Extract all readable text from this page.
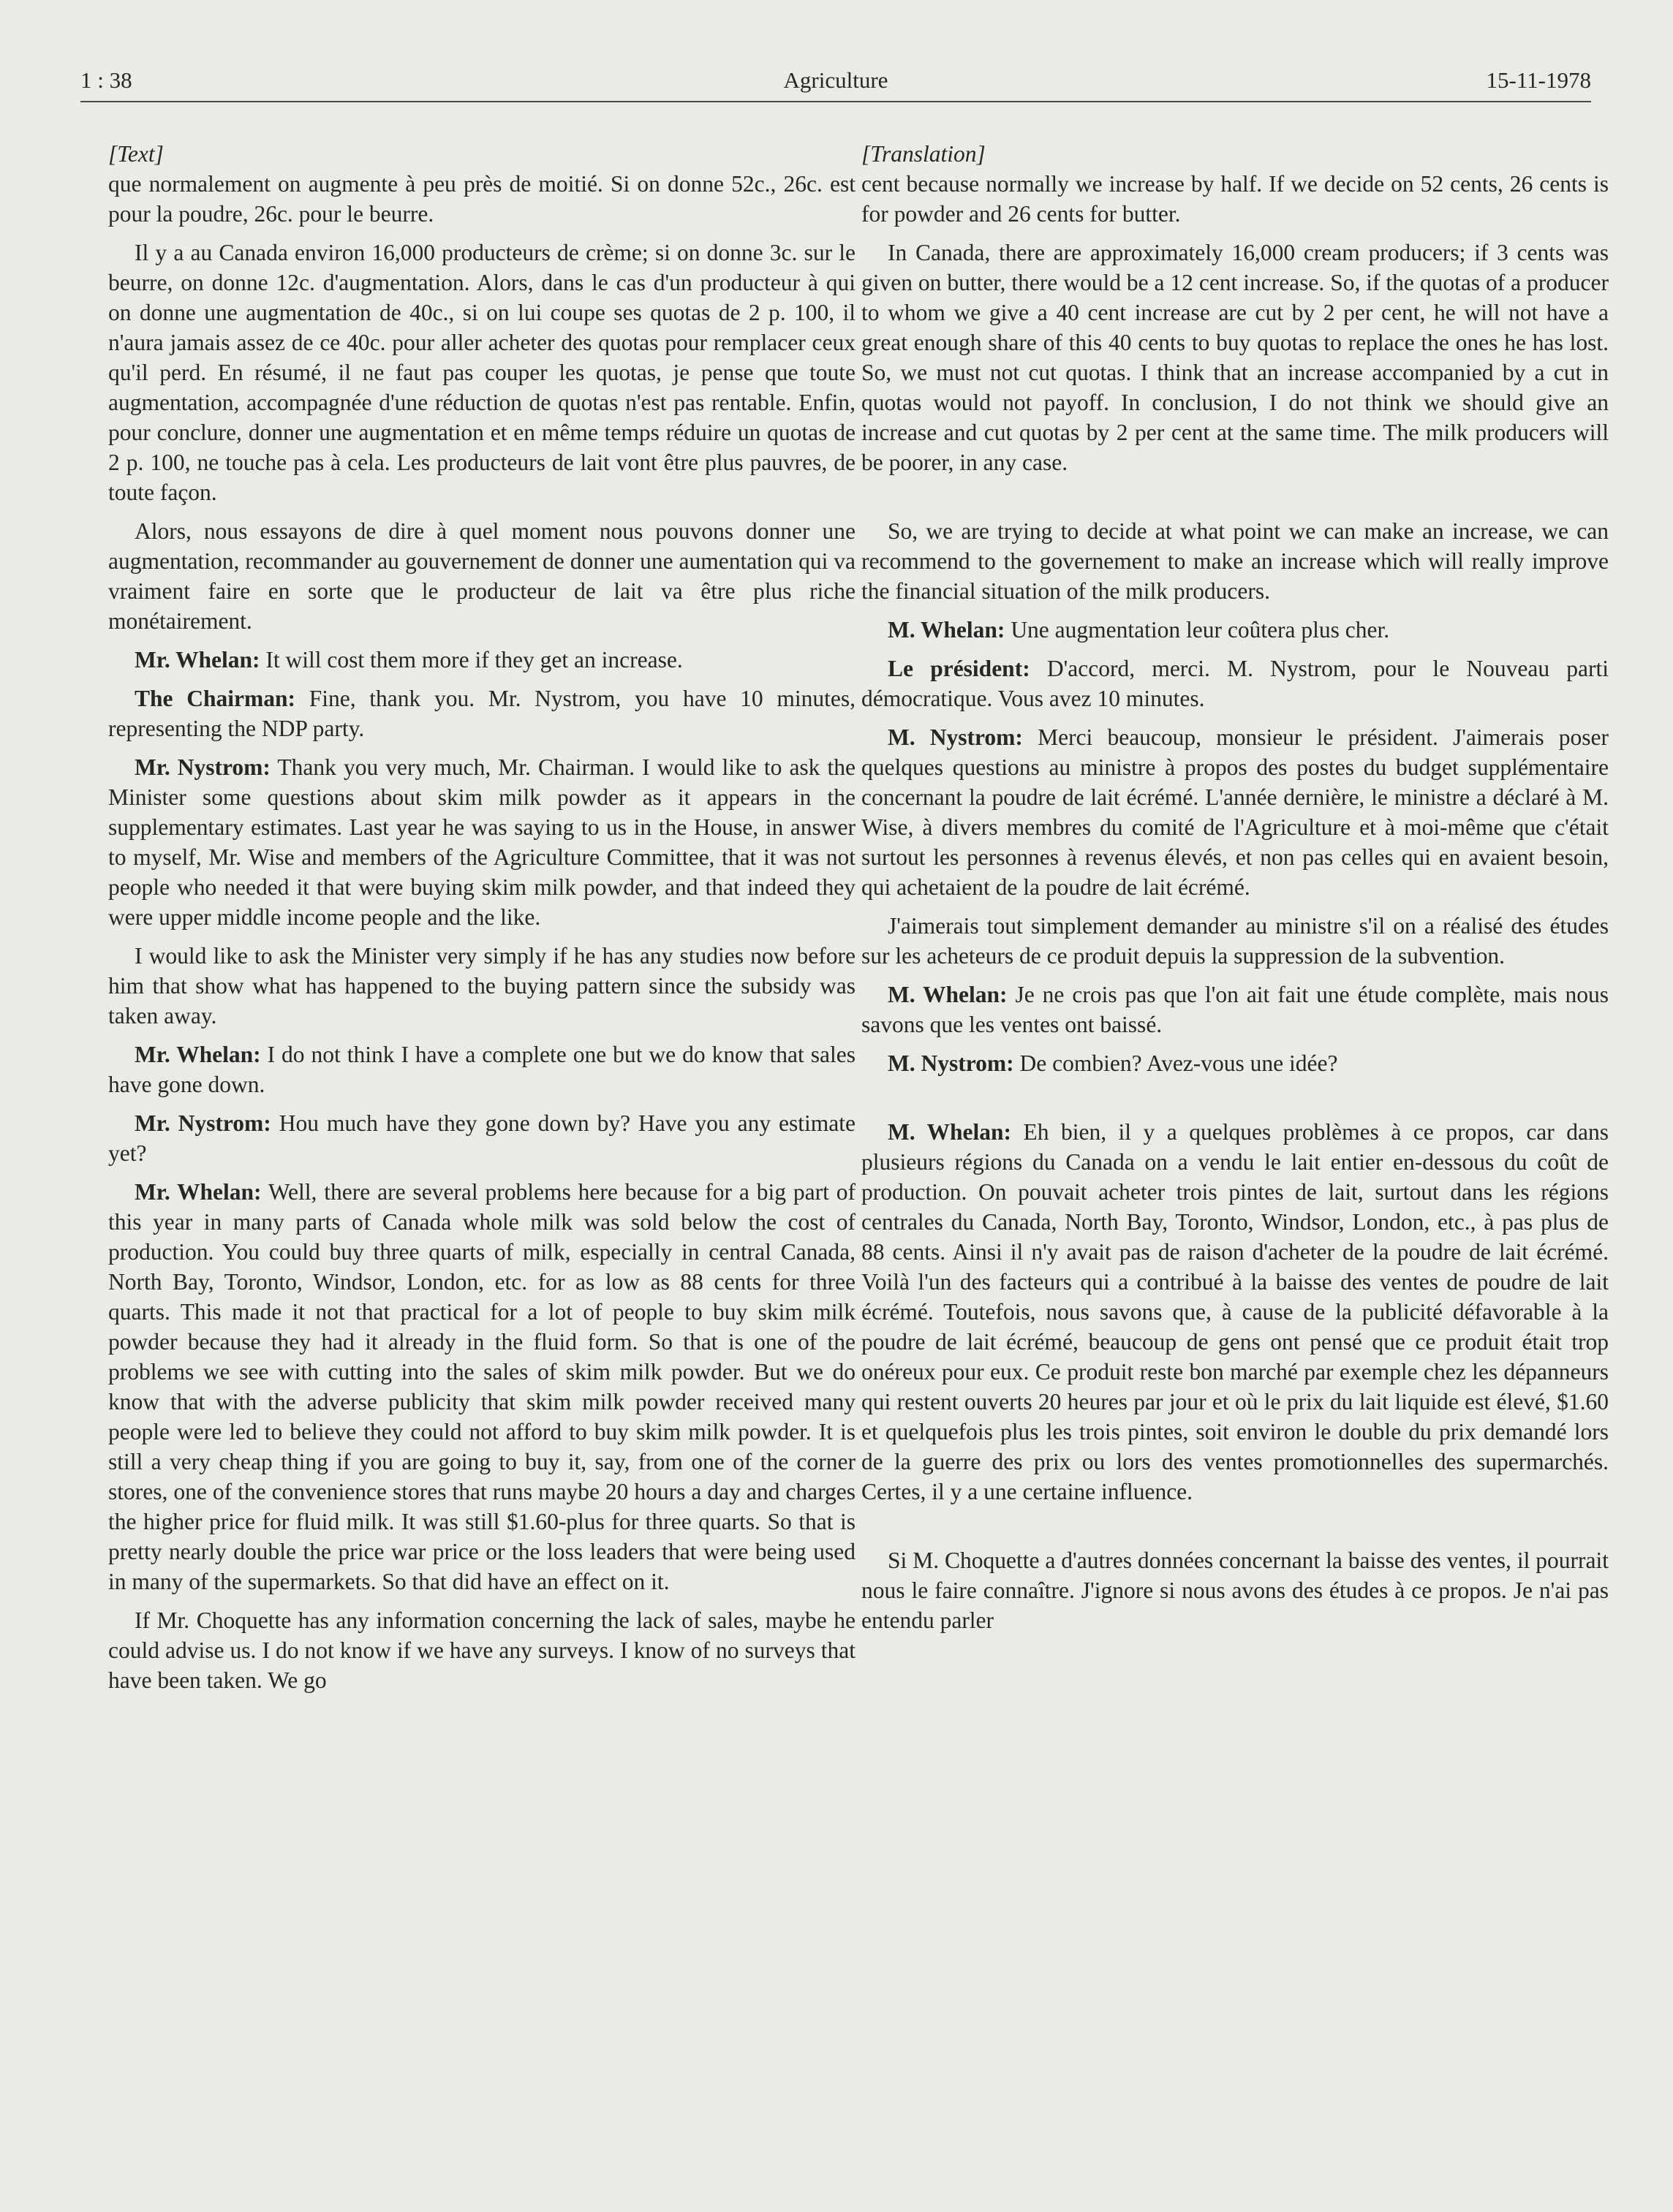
1 : 38	Agriculture	15-11-1978

[Text]

que normalement on augmente à peu près de moitié. Si on donne 52c., 26c. est pour la poudre, 26c. pour le beurre.

Il y a au Canada environ 16,000 producteurs de crème; si on donne 3c. sur le beurre, on donne 12c. d'augmentation. Alors, dans le cas d'un producteur à qui on donne une augmentation de 40c., si on lui coupe ses quotas de 2 p. 100, il n'aura jamais assez de ce 40c. pour aller acheter des quotas pour remplacer ceux qu'il perd. En résumé, il ne faut pas couper les quotas, je pense que toute augmentation, accompagnée d'une réduction de quotas n'est pas rentable. Enfin, pour conclure, donner une augmentation et en même temps réduire un quotas de 2 p. 100, ne touche pas à cela. Les producteurs de lait vont être plus pauvres, de toute façon.

Alors, nous essayons de dire à quel moment nous pouvons donner une augmentation, recommander au gouvernement de donner une aumentation qui va vraiment faire en sorte que le producteur de lait va être plus riche monétairement.

Mr. Whelan: It will cost them more if they get an increase.

The Chairman: Fine, thank you. Mr. Nystrom, you have 10 minutes, representing the NDP party.

Mr. Nystrom: Thank you very much, Mr. Chairman. I would like to ask the Minister some questions about skim milk powder as it appears in the supplementary estimates. Last year he was saying to us in the House, in answer to myself, Mr. Wise and members of the Agriculture Committee, that it was not people who needed it that were buying skim milk powder, and that indeed they were upper middle income people and the like.

I would like to ask the Minister very simply if he has any studies now before him that show what has happened to the buying pattern since the subsidy was taken away.

Mr. Whelan: I do not think I have a complete one but we do know that sales have gone down.

Mr. Nystrom: Hou much have they gone down by? Have you any estimate yet?

Mr. Whelan: Well, there are several problems here because for a big part of this year in many parts of Canada whole milk was sold below the cost of production. You could buy three quarts of milk, especially in central Canada, North Bay, Toronto, Windsor, London, etc. for as low as 88 cents for three quarts. This made it not that practical for a lot of people to buy skim milk powder because they had it already in the fluid form. So that is one of the problems we see with cutting into the sales of skim milk powder. But we do know that with the adverse publicity that skim milk powder received many people were led to believe they could not afford to buy skim milk powder. It is still a very cheap thing if you are going to buy it, say, from one of the corner stores, one of the convenience stores that runs maybe 20 hours a day and charges the higher price for fluid milk. It was still $1.60-plus for three quarts. So that is pretty nearly double the price war price or the loss leaders that were being used in many of the supermarkets. So that did have an effect on it.

If Mr. Choquette has any information concerning the lack of sales, maybe he could advise us. I do not know if we have any surveys. I know of no surveys that have been taken. We go

[Translation]

cent because normally we increase by half. If we decide on 52 cents, 26 cents is for powder and 26 cents for butter.

In Canada, there are approximately 16,000 cream producers; if 3 cents was given on butter, there would be a 12 cent increase. So, if the quotas of a producer to whom we give a 40 cent increase are cut by 2 per cent, he will not have a great enough share of this 40 cents to buy quotas to replace the ones he has lost. So, we must not cut quotas. I think that an increase accompanied by a cut in quotas would not payoff. In conclusion, I do not think we should give an increase and cut quotas by 2 per cent at the same time. The milk producers will be poorer, in any case.

So, we are trying to decide at what point we can make an increase, we can recommend to the governement to make an increase which will really improve the financial situation of the milk producers.

M. Whelan: Une augmentation leur coûtera plus cher.

Le président: D'accord, merci. M. Nystrom, pour le Nouveau parti démocratique. Vous avez 10 minutes.

M. Nystrom: Merci beaucoup, monsieur le président. J'aimerais poser quelques questions au ministre à propos des postes du budget supplémentaire concernant la poudre de lait écrémé. L'année dernière, le ministre a déclaré à M. Wise, à divers membres du comité de l'Agriculture et à moi-même que c'était surtout les personnes à revenus élevés, et non pas celles qui en avaient besoin, qui achetaient de la poudre de lait écrémé.

J'aimerais tout simplement demander au ministre s'il on a réalisé des études sur les acheteurs de ce produit depuis la suppression de la subvention.

M. Whelan: Je ne crois pas que l'on ait fait une étude complète, mais nous savons que les ventes ont baissé.

M. Nystrom: De combien? Avez-vous une idée?

M. Whelan: Eh bien, il y a quelques problèmes à ce propos, car dans plusieurs régions du Canada on a vendu le lait entier en-dessous du coût de production. On pouvait acheter trois pintes de lait, surtout dans les régions centrales du Canada, North Bay, Toronto, Windsor, London, etc., à pas plus de 88 cents. Ainsi il n'y avait pas de raison d'acheter de la poudre de lait écrémé. Voilà l'un des facteurs qui a contribué à la baisse des ventes de poudre de lait écrémé. Toutefois, nous savons que, à cause de la publicité défavorable à la poudre de lait écrémé, beaucoup de gens ont pensé que ce produit était trop onéreux pour eux. Ce produit reste bon marché par exemple chez les dépanneurs qui restent ouverts 20 heures par jour et où le prix du lait liquide est élevé, $1.60 et quelquefois plus les trois pintes, soit environ le double du prix demandé lors de la guerre des prix ou lors des ventes promotionnelles des supermarchés. Certes, il y a une certaine influence.

Si M. Choquette a d'autres données concernant la baisse des ventes, il pourrait nous le faire connaître. J'ignore si nous avons des études à ce propos. Je n'ai pas entendu parler
